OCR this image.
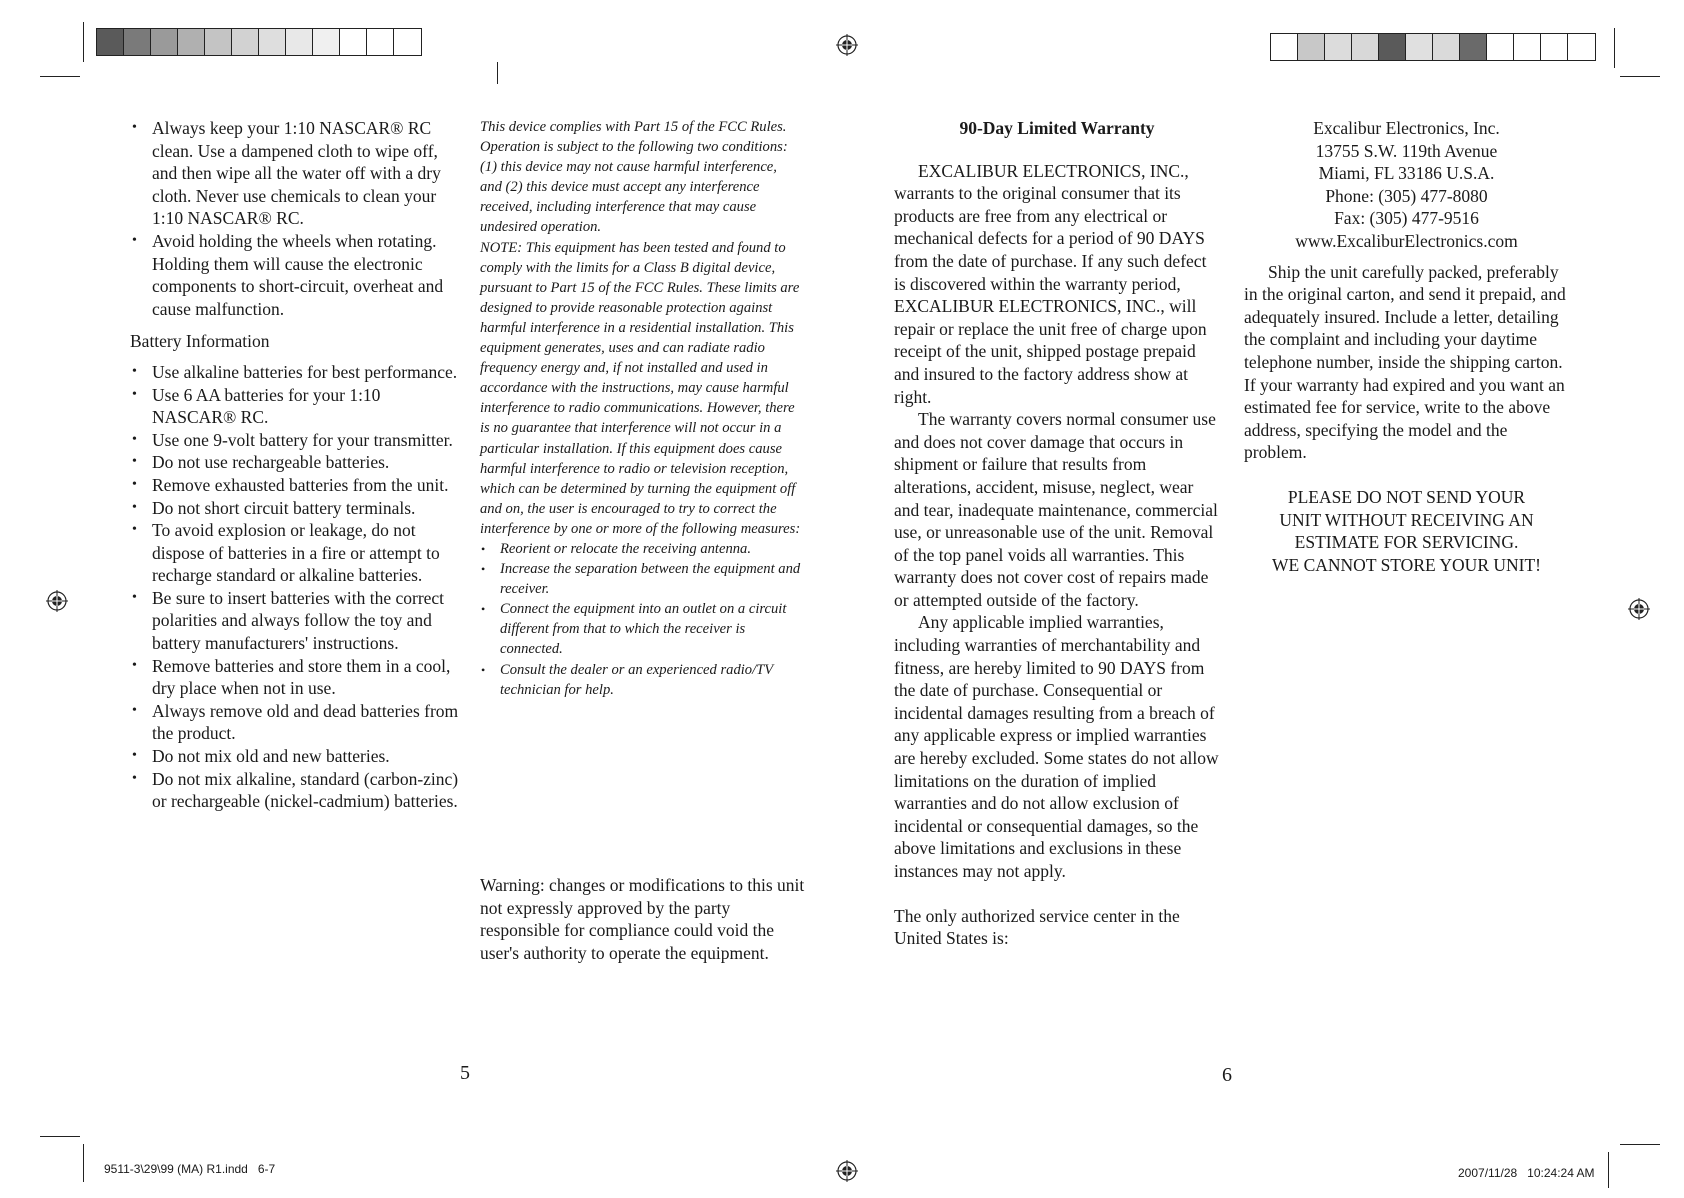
• Always keep your 1:10 NASCAR® RC clean. Use a dampened cloth to wipe off, and then wipe all the water off with a dry cloth. Never use chemicals to clean your 1:10 NASCAR® RC.
• Avoid holding the wheels when rotating. Holding them will cause the electronic components to short-circuit, overheat and cause malfunction.

Battery Information

• Use alkaline batteries for best performance.
• Use 6 AA batteries for your 1:10 NASCAR® RC.
• Use one 9-volt battery for your transmitter.
• Do not use rechargeable batteries.
• Remove exhausted batteries from the unit.
• Do not short circuit battery terminals.
• To avoid explosion or leakage, do not dispose of batteries in a fire or attempt to recharge standard or alkaline batteries.
• Be sure to insert batteries with the correct polarities and always follow the toy and battery manufacturers' instructions.
• Remove batteries and store them in a cool, dry place when not in use.
• Always remove old and dead batteries from the product.
• Do not mix old and new batteries.
• Do not mix alkaline, standard (carbon-zinc) or rechargeable (nickel-cadmium) batteries.

This device complies with Part 15 of the FCC Rules. Operation is subject to the following two conditions: (1) this device may not cause harmful interference, and (2) this device must accept any interference received, including interference that may cause undesired operation.

NOTE: This equipment has been tested and found to comply with the limits for a Class B digital device, pursuant to Part 15 of the FCC Rules. These limits are designed to provide reasonable protection against harmful interference in a residential installation. This equipment generates, uses and can radiate radio frequency energy and, if not installed and used in accordance with the instructions, may cause harmful interference to radio communications. However, there is no guarantee that interference will not occur in a particular installation. If this equipment does cause harmful interference to radio or television reception, which can be determined by turning the equipment off and on, the user is encouraged to try to correct the interference by one or more of the following measures:

• Reorient or relocate the receiving antenna.
• Increase the separation between the equipment and receiver.
• Connect the equipment into an outlet on a circuit different from that to which the receiver is connected.
• Consult the dealer or an experienced radio/TV technician for help.

Warning: changes or modifications to this unit not expressly approved by the party responsible for compliance could void the user's authority to operate the equipment.

5

90-Day Limited Warranty

EXCALIBUR ELECTRONICS, INC., warrants to the original consumer that its products are free from any electrical or mechanical defects for a period of 90 DAYS from the date of purchase. If any such defect is discovered within the warranty period, EXCALIBUR ELECTRONICS, INC., will repair or replace the unit free of charge upon receipt of the unit, shipped postage prepaid and insured to the factory address show at right.

The warranty covers normal consumer use and does not cover damage that occurs in shipment or failure that results from alterations, accident, misuse, neglect, wear and tear, inadequate maintenance, commercial use, or unreasonable use of the unit. Removal of the top panel voids all warranties. This warranty does not cover cost of repairs made or attempted outside of the factory.

Any applicable implied warranties, including warranties of merchantability and fitness, are hereby limited to 90 DAYS from the date of purchase. Consequential or incidental damages resulting from a breach of any applicable express or implied warranties are hereby excluded. Some states do not allow limitations on the duration of implied warranties and do not allow exclusion of incidental or consequential damages, so the above limitations and exclusions in these instances may not apply.

The only authorized service center in the United States is:

6
Excalibur Electronics, Inc.
13755 S.W. 119th Avenue
Miami, FL 33186 U.S.A.
Phone: (305) 477-8080
Fax: (305) 477-9516
www.ExcaliburElectronics.com

Ship the unit carefully packed, preferably in the original carton, and send it prepaid, and adequately insured. Include a letter, detailing the complaint and including your daytime telephone number, inside the shipping carton. If your warranty had expired and you want an estimated fee for service, write to the above address, specifying the model and the problem.

PLEASE DO NOT SEND YOUR
UNIT WITHOUT RECEIVING AN
ESTIMATE FOR SERVICING.
WE CANNOT STORE YOUR UNIT!
9511-3\29\99 (MA) R1.indd   6-7	2007/11/28   10:24:24 AM
